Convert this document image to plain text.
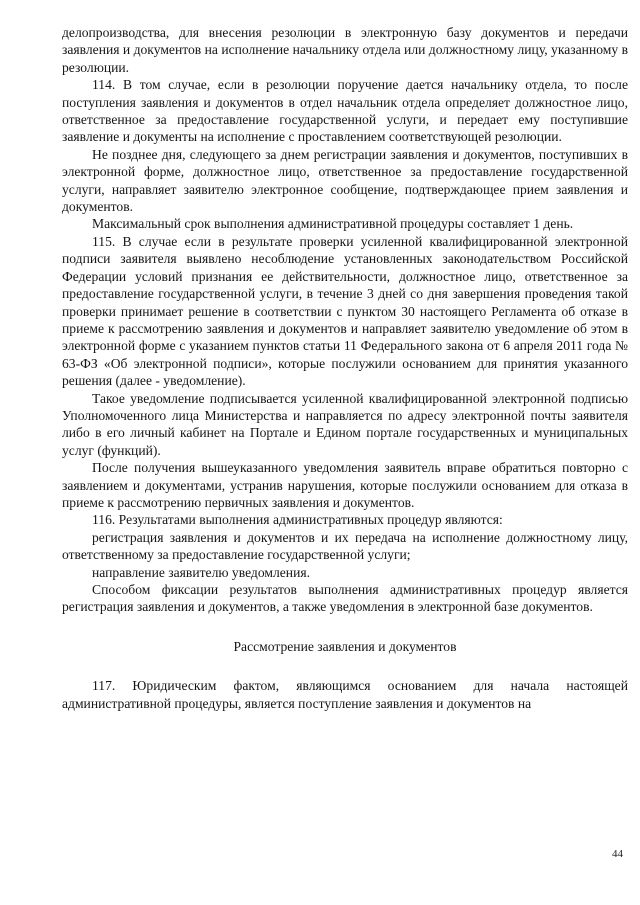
делопроизводства, для внесения резолюции в электронную базу документов и передачи заявления и документов на исполнение начальнику отдела или должностному лицу, указанному в резолюции.

114. В том случае, если в резолюции поручение дается начальнику отдела, то после поступления заявления и документов в отдел начальник отдела определяет должностное лицо, ответственное за предоставление государственной услуги, и передает ему поступившие заявление и документы на исполнение с проставлением соответствующей резолюции.

Не позднее дня, следующего за днем регистрации заявления и документов, поступивших в электронной форме, должностное лицо, ответственное за предоставление государственной услуги, направляет заявителю электронное сообщение, подтверждающее прием заявления и документов.

Максимальный срок выполнения административной процедуры составляет 1 день.

115. В случае если в результате проверки усиленной квалифицированной электронной подписи заявителя выявлено несоблюдение установленных законодательством Российской Федерации условий признания ее действительности, должностное лицо, ответственное за предоставление государственной услуги, в течение 3 дней со дня завершения проведения такой проверки принимает решение в соответствии с пунктом 30 настоящего Регламента об отказе в приеме к рассмотрению заявления и документов и направляет заявителю уведомление об этом в электронной форме с указанием пунктов статьи 11 Федерального закона от 6 апреля 2011 года № 63-ФЗ «Об электронной подписи», которые послужили основанием для принятия указанного решения (далее - уведомление).

Такое уведомление подписывается усиленной квалифицированной электронной подписью Уполномоченного лица Министерства и направляется по адресу электронной почты заявителя либо в его личный кабинет на Портале и Едином портале государственных и муниципальных услуг (функций).

После получения вышеуказанного уведомления заявитель вправе обратиться повторно с заявлением и документами, устранив нарушения, которые послужили основанием для отказа в приеме к рассмотрению первичных заявления и документов.

116. Результатами выполнения административных процедур являются:

регистрация заявления и документов и их передача на исполнение должностному лицу, ответственному за предоставление государственной услуги;

направление заявителю уведомления.

Способом фиксации результатов выполнения административных процедур является регистрация заявления и документов, а также уведомления в электронной базе документов.

Рассмотрение заявления и документов

117. Юридическим фактом, являющимся основанием для начала настоящей административной процедуры, является поступление заявления и документов на

44
